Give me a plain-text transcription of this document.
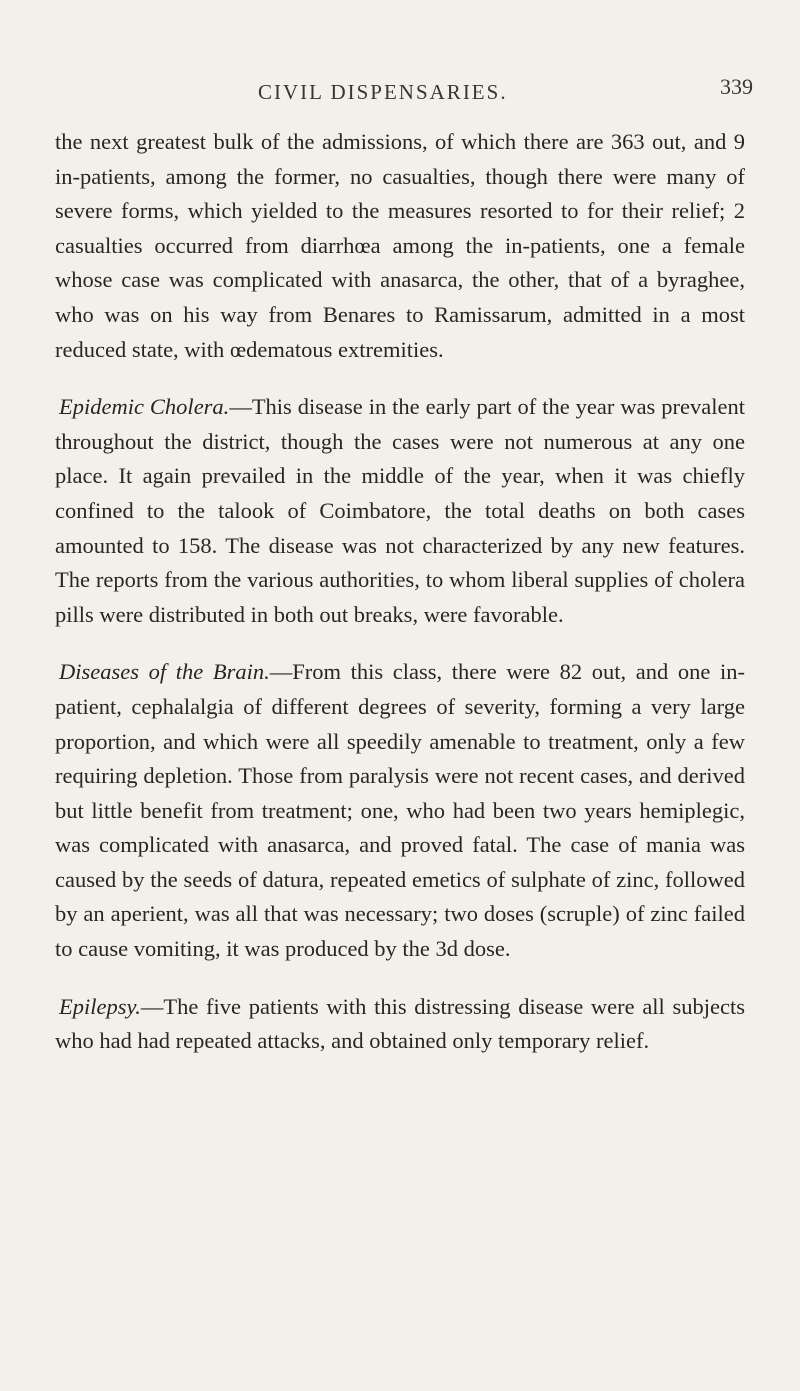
CIVIL DISPENSARIES.	339

the next greatest bulk of the admissions, of which there are 363 out, and 9 in-patients, among the former, no casualties, though there were many of severe forms, which yielded to the measures resorted to for their relief; 2 casualties occurred from diarrhœa among the in-patients, one a female whose case was complicated with anasarca, the other, that of a byraghee, who was on his way from Benares to Ramissarum, admitted in a most reduced state, with œdematous extremities.

Epidemic Cholera.—This disease in the early part of the year was prevalent throughout the district, though the cases were not numerous at any one place. It again prevailed in the middle of the year, when it was chiefly confined to the talook of Coimbatore, the total deaths on both cases amounted to 158. The disease was not characterized by any new features. The reports from the various authorities, to whom liberal supplies of cholera pills were distributed in both out breaks, were favorable.

Diseases of the Brain.—From this class, there were 82 out, and one in-patient, cephalalgia of different degrees of severity, forming a very large proportion, and which were all speedily amenable to treatment, only a few requiring depletion. Those from paralysis were not recent cases, and derived but little benefit from treatment; one, who had been two years hemiplegic, was complicated with anasarca, and proved fatal. The case of mania was caused by the seeds of datura, repeated emetics of sulphate of zinc, followed by an aperient, was all that was necessary; two doses (scruple) of zinc failed to cause vomiting, it was produced by the 3d dose.

Epilepsy.—The five patients with this distressing disease were all subjects who had had repeated attacks, and obtained only temporary relief.
